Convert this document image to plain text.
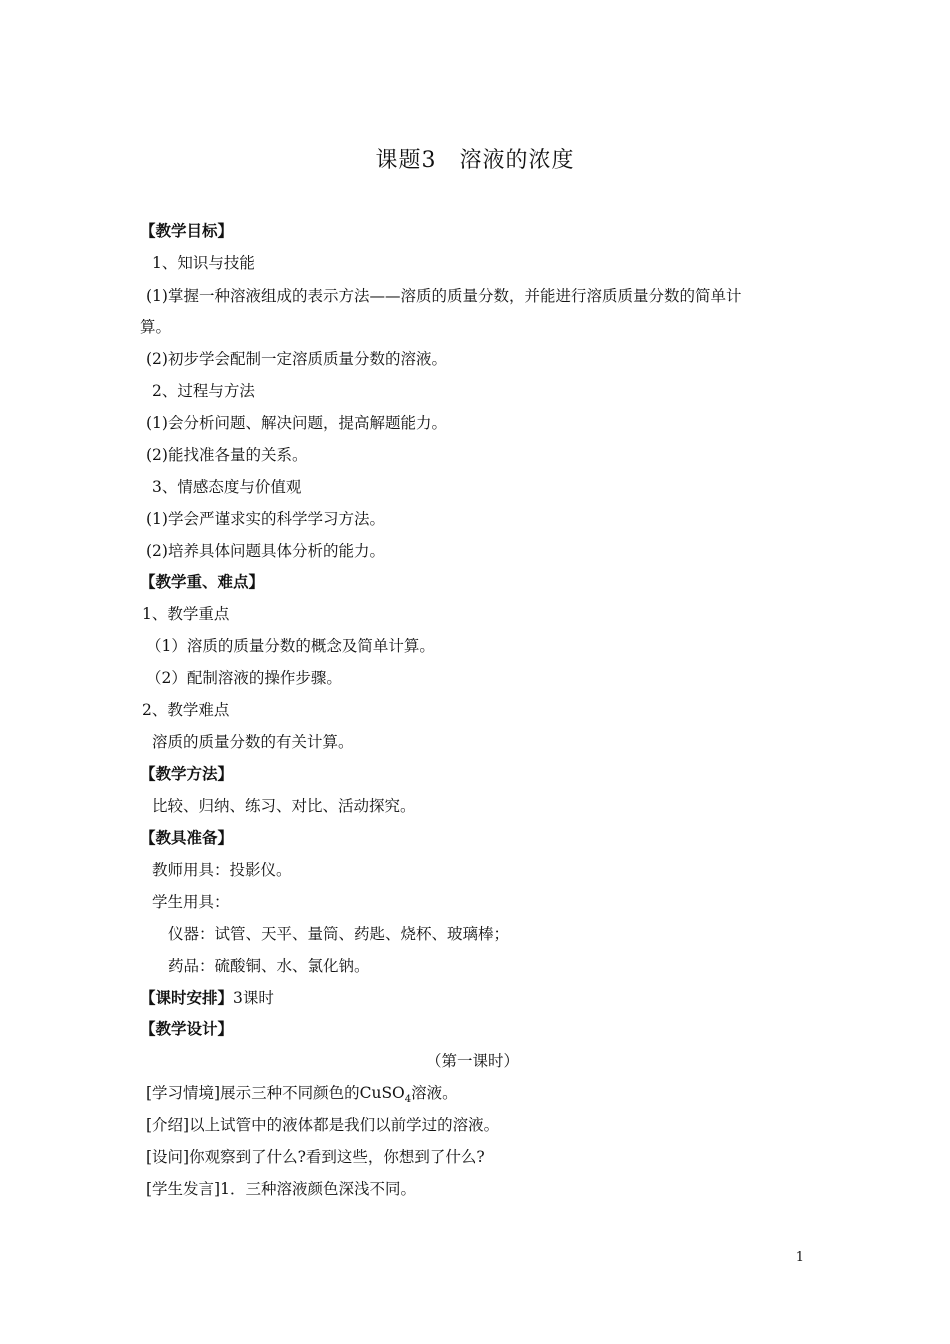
课题3　溶液的浓度
【教学目标】
1、知识与技能
(1)掌握一种溶液组成的表示方法——溶质的质量分数，并能进行溶质质量分数的简单计
算。
(2)初步学会配制一定溶质质量分数的溶液。
2、过程与方法
(1)会分析问题、解决问题，提高解题能力。
(2)能找准各量的关系。
3、情感态度与价值观
(1)学会严谨求实的科学学习方法。
(2)培养具体问题具体分析的能力。
【教学重、难点】
1、教学重点
（1）溶质的质量分数的概念及简单计算。
（2）配制溶液的操作步骤。
2、教学难点
溶质的质量分数的有关计算。
【教学方法】
比较、归纳、练习、对比、活动探究。
【教具准备】
教师用具：投影仪。
学生用具：
仪器：试管、天平、量筒、药匙、烧杯、玻璃棒；
药品：硫酸铜、水、氯化钠。
【课时安排】3课时
【教学设计】
（第一课时）
[学习情境]展示三种不同颜色的CuSO$_4$溶液。
[介绍]以上试管中的液体都是我们以前学过的溶液。
[设问]你观察到了什么?看到这些，你想到了什么?
[学生发言]1．三种溶液颜色深浅不同。
1
